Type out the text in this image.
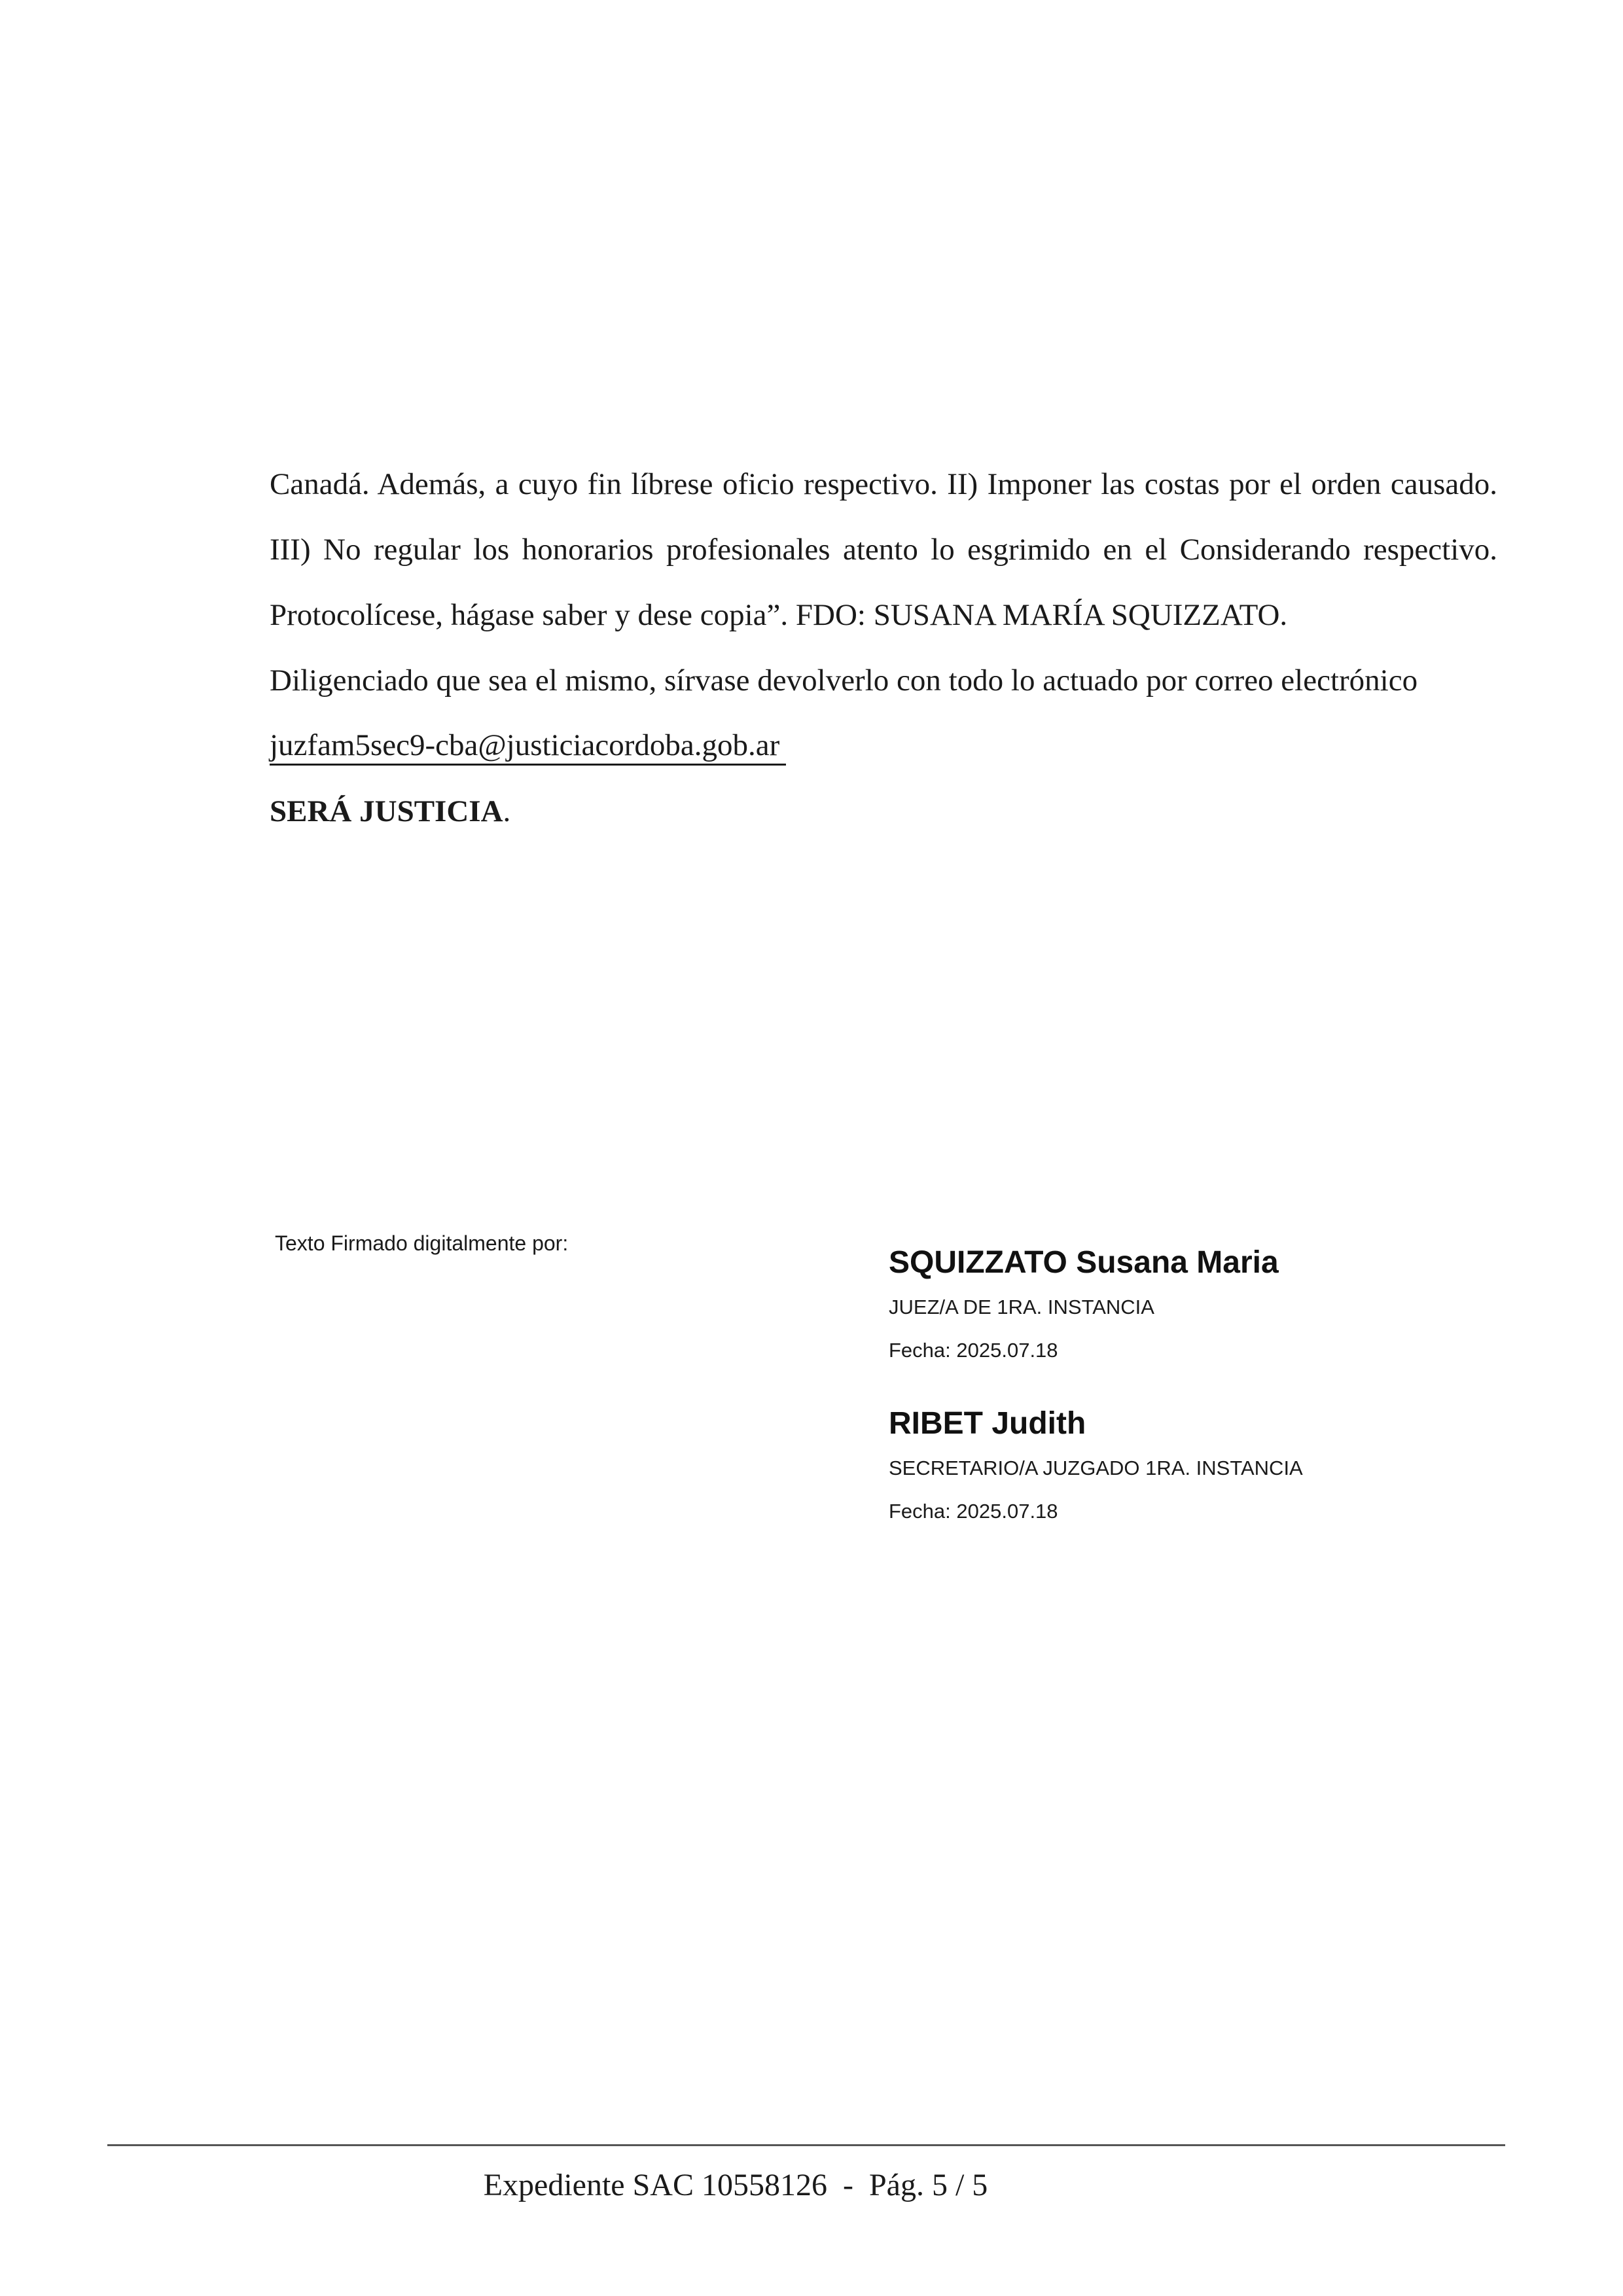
Canadá. Además, a cuyo fin líbrese oficio respectivo. II) Imponer las costas por el orden causado. III) No regular los honorarios profesionales atento lo esgrimido en el Considerando respectivo. Protocolícese, hágase saber y dese copia”. FDO: SUSANA MARÍA SQUIZZATO.

Diligenciado que sea el mismo, sírvase devolverlo con todo lo actuado por correo electrónico

juzfam5sec9-cba@justiciacordoba.gob.ar

SERÁ JUSTICIA.

Texto Firmado digitalmente por:
SQUIZZATO Susana Maria
JUEZ/A DE 1RA. INSTANCIA
Fecha: 2025.07.18
RIBET Judith
SECRETARIO/A JUZGADO 1RA. INSTANCIA
Fecha: 2025.07.18
Expediente SAC 10558126  -  Pág. 5 / 5
